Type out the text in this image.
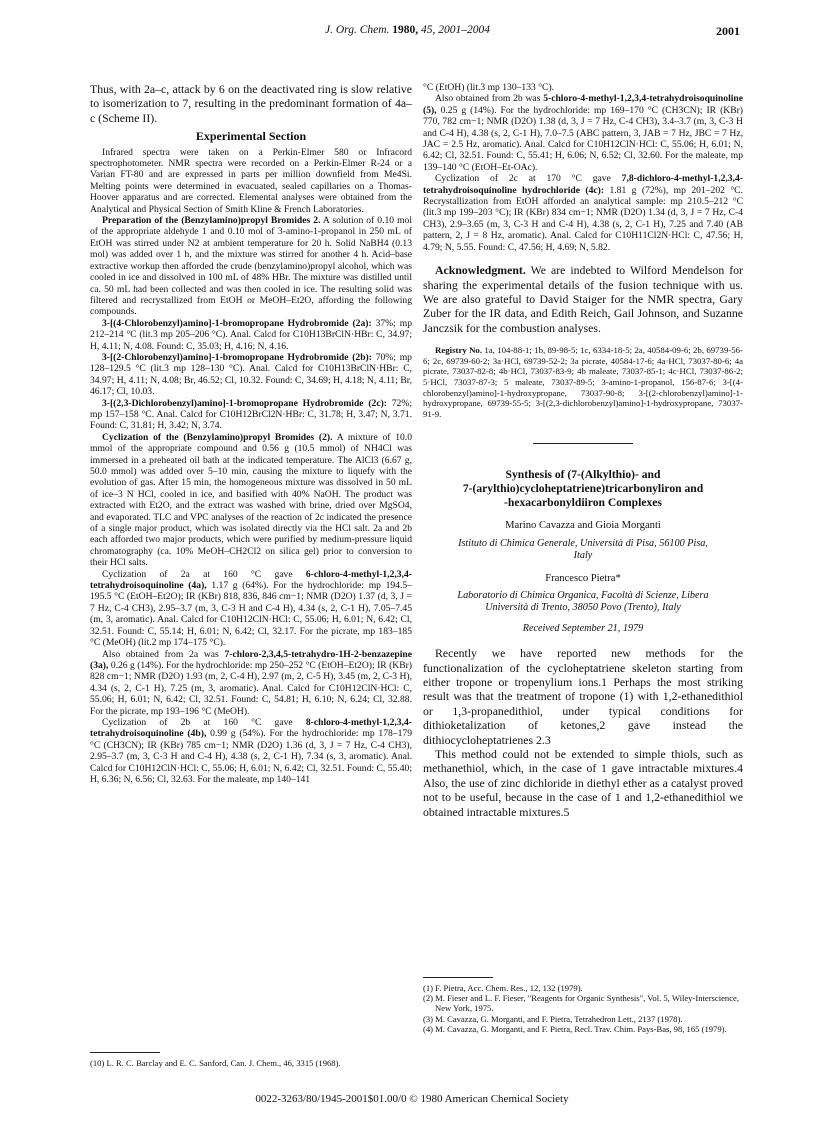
J. Org. Chem. 1980, 45, 2001–2004	2001

Thus, with 2a–c, attack by 6 on the deactivated ring is slow relative to isomerization to 7, resulting in the predominant formation of 4a–c (Scheme II).

Experimental Section

Infrared spectra were taken on a Perkin-Elmer 580 or Infracord spectrophotometer. NMR spectra were recorded on a Perkin-Elmer R-24 or a Varian FT-80 and are expressed in parts per million downfield from Me4Si. Melting points were determined in evacuated, sealed capillaries on a Thomas-Hoover apparatus and are corrected. Elemental analyses were obtained from the Analytical and Physical Section of Smith Kline & French Laboratories.

Preparation of the (Benzylamino)propyl Bromides 2. A solution of 0.10 mol of the appropriate aldehyde 1 and 0.10 mol of 3-amino-1-propanol in 250 mL of EtOH was stirred under N2 at ambient temperature for 20 h. Solid NaBH4 (0.13 mol) was added over 1 h, and the mixture was stirred for another 4 h. Acid–base extractive workup then afforded the crude (benzylamino)propyl alcohol, which was cooled in ice and dissolved in 100 mL of 48% HBr. The mixture was distilled until ca. 50 mL had been collected and was then cooled in ice. The resulting solid was filtered and recrystallized from EtOH or MeOH–Et2O, affording the following compounds.

3-[(4-Chlorobenzyl)amino]-1-bromopropane Hydrobromide (2a): 37%; mp 212–214 °C (lit.3 mp 205–206 °C). Anal. Calcd for C10H13BrClN·HBr: C, 34.97; H, 4.11; N, 4.08. Found: C, 35.03; H, 4.16; N, 4.16.

3-[(2-Chlorobenzyl)amino]-1-bromopropane Hydrobromide (2b): 70%; mp 128–129.5 °C (lit.3 mp 128–130 °C). Anal. Calcd for C10H13BrClN·HBr: C, 34.97; H, 4.11; N, 4.08; Br, 46.52; Cl, 10.32. Found: C, 34.69; H, 4.18; N, 4.11; Br, 46.17; Cl, 10.03.

3-[(2,3-Dichlorobenzyl)amino]-1-bromopropane Hydrobromide (2c): 72%; mp 157–158 °C. Anal. Calcd for C10H12BrCl2N·HBr: C, 31.78; H, 3.47; N, 3.71. Found: C, 31.81; H, 3.42; N, 3.74.

Cyclization of the (Benzylamino)propyl Bromides (2). A mixture of 10.0 mmol of the appropriate compound and 0.56 g (10.5 mmol) of NH4Cl was immersed in a preheated oil bath at the indicated temperature. The AlCl3 (6.67 g, 50.0 mmol) was added over 5–10 min, causing the mixture to liquefy with the evolution of gas. After 15 min, the homogeneous mixture was dissolved in 50 mL of ice–3 N HCl, cooled in ice, and basified with 40% NaOH. The product was extracted with Et2O, and the extract was washed with brine, dried over MgSO4, and evaporated. TLC and VPC analyses of the reaction of 2c indicated the presence of a single major product, which was isolated directly via the HCl salt. 2a and 2b each afforded two major products, which were purified by medium-pressure liquid chromatography (ca. 10% MeOH–CH2Cl2 on silica gel) prior to conversion to their HCl salts.

Cyclization of 2a at 160 °C gave 6-chloro-4-methyl-1,2,3,4-tetrahydroisoquinoline (4a), 1.17 g (64%). For the hydrochloride: mp 194.5–195.5 °C (EtOH–Et2O); IR (KBr) 818, 836, 846 cm−1; NMR (D2O) 1.37 (d, 3, J = 7 Hz, C-4 CH3), 2.95–3.7 (m, 3, C-3 H and C-4 H), 4.34 (s, 2, C-1 H), 7.05–7.45 (m, 3, aromatic). Anal. Calcd for C10H12ClN·HCl: C, 55.06; H, 6.01; N, 6.42; Cl, 32.51. Found: C, 55.14; H, 6.01; N, 6.42; Cl, 32.17. For the picrate, mp 183–185 °C (MeOH) (lit.2 mp 174–175 °C).

Also obtained from 2a was 7-chloro-2,3,4,5-tetrahydro-1H-2-benzazepine (3a), 0.26 g (14%). For the hydrochloride: mp 250–252 °C (EtOH–Et2O); IR (KBr) 828 cm−1; NMR (D2O) 1.93 (m, 2, C-4 H), 2.97 (m, 2, C-5 H), 3.45 (m, 2, C-3 H), 4.34 (s, 2, C-1 H), 7.25 (m, 3, aromatic). Anal. Calcd for C10H12ClN·HCl: C, 55.06; H, 6.01; N, 6.42; Cl, 32.51. Found: C, 54.81; H, 6.10; N, 6.24; Cl, 32.88. For the picrate, mp 193–196 °C (MeOH).

Cyclization of 2b at 160 °C gave 8-chloro-4-methyl-1,2,3,4-tetrahydroisoquinoline (4b), 0.99 g (54%). For the hydrochloride: mp 178–179 °C (CH3CN); IR (KBr) 785 cm−1; NMR (D2O) 1.36 (d, 3, J = 7 Hz, C-4 CH3), 2.95–3.7 (m, 3, C-3 H and C-4 H), 4.38 (s, 2, C-1 H), 7.34 (s, 3, aromatic). Anal. Calcd for C10H12ClN·HCl: C, 55.06; H, 6.01; N, 6.42; Cl, 32.51. Found: C, 55.40; H, 6.36; N, 6.56; Cl, 32.63. For the maleate, mp 140–141

(10) L. R. C. Barclay and E. C. Sanford, Can. J. Chem., 46, 3315 (1968).

°C (EtOH) (lit.3 mp 130–133 °C).

Also obtained from 2b was 5-chloro-4-methyl-1,2,3,4-tetrahydroisoquinoline (5), 0.25 g (14%). For the hydrochloride: mp 169–170 °C (CH3CN); IR (KBr) 770, 782 cm−1; NMR (D2O) 1.38 (d, 3, J = 7 Hz, C-4 CH3), 3.4–3.7 (m, 3, C-3 H and C-4 H), 4.38 (s, 2, C-1 H), 7.0–7.5 (ABC pattern, 3, JAB = 7 Hz, JBC = 7 Hz, JAC = 2.5 Hz, aromatic). Anal. Calcd for C10H12ClN·HCl: C, 55.06; H, 6.01; N, 6.42; Cl, 32.51. Found: C, 55.41; H, 6.06; N, 6.52; Cl, 32.60. For the maleate, mp 139–140 °C (EtOH–Et-OAc).

Cyclization of 2c at 170 °C gave 7,8-dichloro-4-methyl-1,2,3,4-tetrahydroisoquinoline hydrochloride (4c): 1.81 g (72%), mp 201–202 °C. Recrystallization from EtOH afforded an analytical sample: mp 210.5–212 °C (lit.3 mp 199–203 °C); IR (KBr) 834 cm−1; NMR (D2O) 1.34 (d, 3, J = 7 Hz, C-4 CH3), 2.9–3.65 (m, 3, C-3 H and C-4 H), 4.38 (s, 2, C-1 H), 7.25 and 7.40 (AB pattern, 2, J = 8 Hz, aromatic). Anal. Calcd for C10H11Cl2N·HCl: C, 47.56; H, 4.79; N, 5.55. Found: C, 47.56; H, 4.69; N, 5.82.

Acknowledgment. We are indebted to Wilford Mendelson for sharing the experimental details of the fusion technique with us. We are also grateful to David Staiger for the NMR spectra, Gary Zuber for the IR data, and Edith Reich, Gail Johnson, and Suzanne Janczsik for the combustion analyses.

Registry No. 1a, 104-88-1; 1b, 89-98-5; 1c, 6334-18-5; 2a, 40584-09-6; 2b, 69739-56-6; 2c, 69739-60-2; 3a·HCl, 69739-52-2; 3a picrate, 40584-17-6; 4a·HCl, 73037-80-6; 4a picrate, 73037-82-8; 4b·HCl, 73037-83-9; 4b maleate, 73037-85-1; 4c·HCl, 73037-86-2; 5·HCl, 73037-87-3; 5 maleate, 73037-89-5; 3-amino-1-propanol, 156-87-6; 3-[(4-chlorobenzyl)amino]-1-hydroxypropane, 73037-90-8; 3-[(2-chlorobenzyl)amino]-1-hydroxypropane, 69739-55-5; 3-[(2,3-dichlorobenzyl)amino]-1-hydroxypropane, 73037-91-9.

Synthesis of (7-(Alkylthio)- and
7-(arylthio)cycloheptatriene)tricarbonyliron and
-hexacarbonyldiiron Complexes
Marino Cavazza and Gioia Morganti
Istituto di Chimica Generale, Università di Pisa, 56100 Pisa,
Italy
Francesco Pietra*
Laboratorio di Chimica Organica, Facoltà di Scienze, Libera
Università di Trento, 38050 Povo (Trento), Italy
Received September 21, 1979

Recently we have reported new methods for the functionalization of the cycloheptatriene skeleton starting from either tropone or tropenylium ions.1 Perhaps the most striking result was that the treatment of tropone (1) with 1,2-ethanedithiol or 1,3-propanedithiol, under typical conditions for dithioketalization of ketones,2 gave instead the dithiocycloheptatrienes 2.3

This method could not be extended to simple thiols, such as methanethiol, which, in the case of 1 gave intractable mixtures.4 Also, the use of zinc dichloride in diethyl ether as a catalyst proved not to be useful, because in the case of 1 and 1,2-ethanedithiol we obtained intractable mixtures.5

(1) F. Pietra, Acc. Chem. Res., 12, 132 (1979).

(2) M. Fieser and L. F. Fieser, "Reagents for Organic Synthesis", Vol. 5, Wiley-Interscience, New York, 1975.

(3) M. Cavazza, G. Morganti, and F. Pietra, Tetrahedron Lett., 2137 (1978).

(4) M. Cavazza, G. Morganti, and F. Pietra, Recl. Trav. Chim. Pays-Bas, 98, 165 (1979).

0022-3263/80/1945-2001$01.00/0 © 1980 American Chemical Society
